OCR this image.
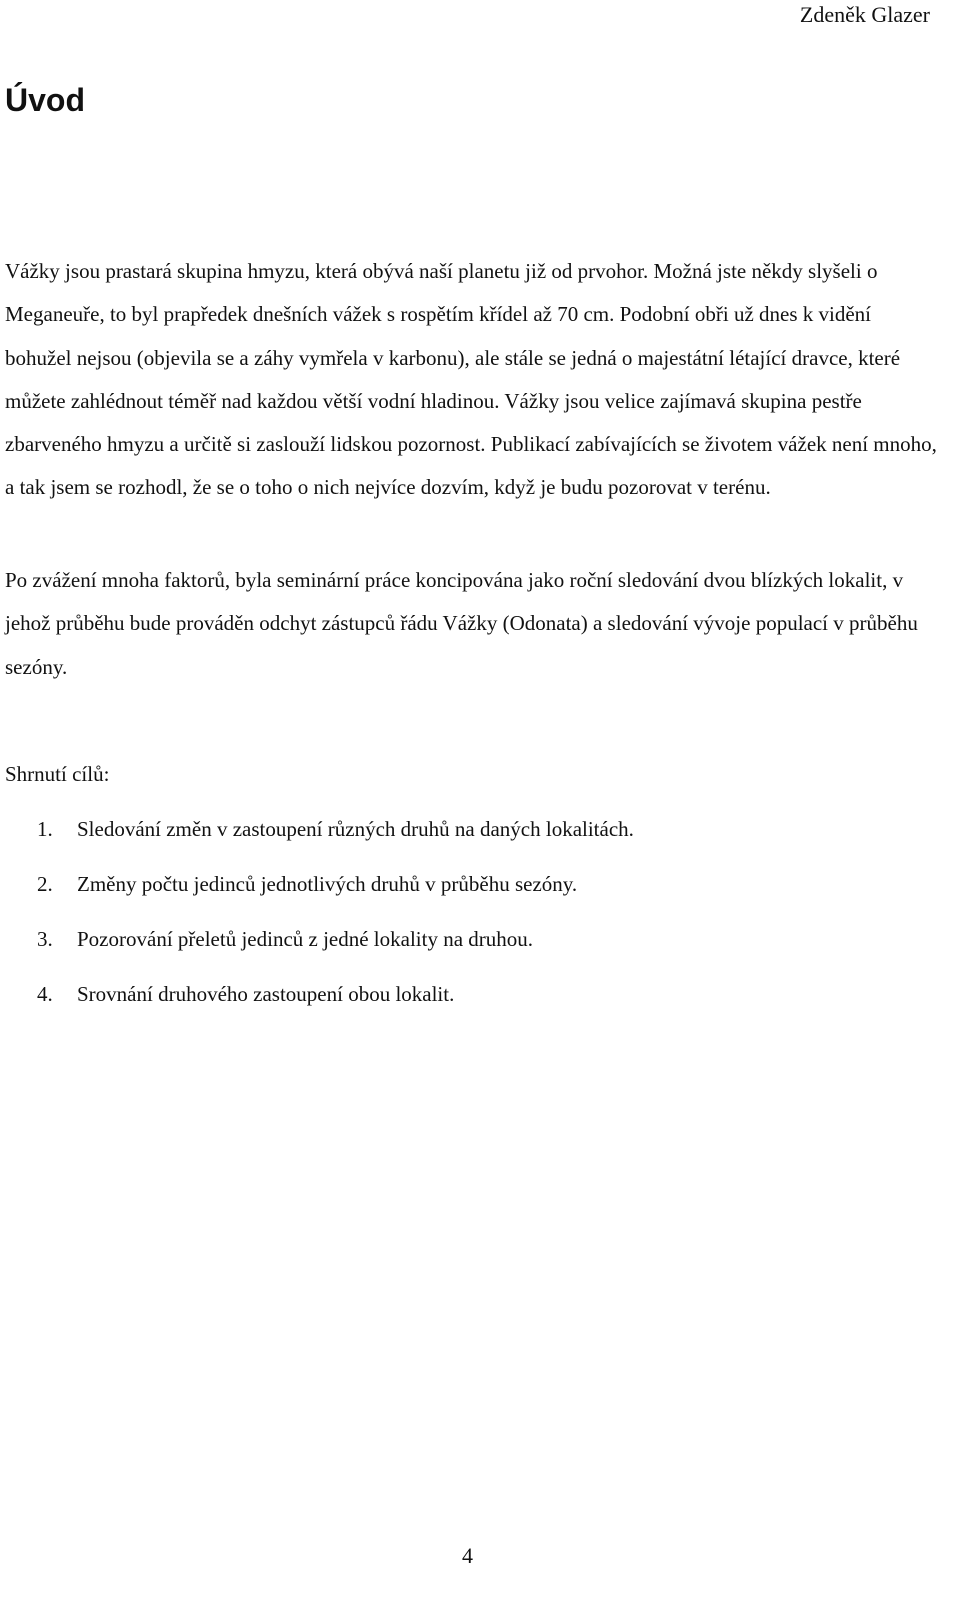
Zdeněk Glazer
Úvod

Vážky jsou prastará skupina hmyzu, která obývá naší planetu již od prvohor. Možná jste někdy slyšeli o Meganeuře, to byl prapředek dnešních vážek s rospětím křídel až 70 cm. Podobní obři už dnes k vidění bohužel nejsou (objevila se a záhy vymřela v karbonu), ale stále se jedná o majestátní létající dravce, které můžete zahlédnout téměř nad každou větší vodní hladinou. Vážky jsou velice zajímavá skupina pestře zbarveného hmyzu a určitě si zaslouží lidskou pozornost. Publikací zabívajících se životem vážek není mnoho, a tak jsem se rozhodl, že se o toho o nich nejvíce dozvím, když je budu pozorovat v terénu.

Po zvážení mnoha faktorů, byla seminární práce koncipována jako roční sledování dvou blízkých lokalit, v jehož průběhu bude prováděn odchyt zástupců řádu Vážky (Odonata) a sledování vývoje populací v průběhu sezóny.

Shrnutí cílů:
1.	Sledování změn v zastoupení různých druhů na daných lokalitách.
2.	Změny počtu jedinců jednotlivých druhů v průběhu sezóny.
3.	Pozorování přeletů jedinců z jedné lokality na druhou.
4.	Srovnání druhového zastoupení obou lokalit.
4
